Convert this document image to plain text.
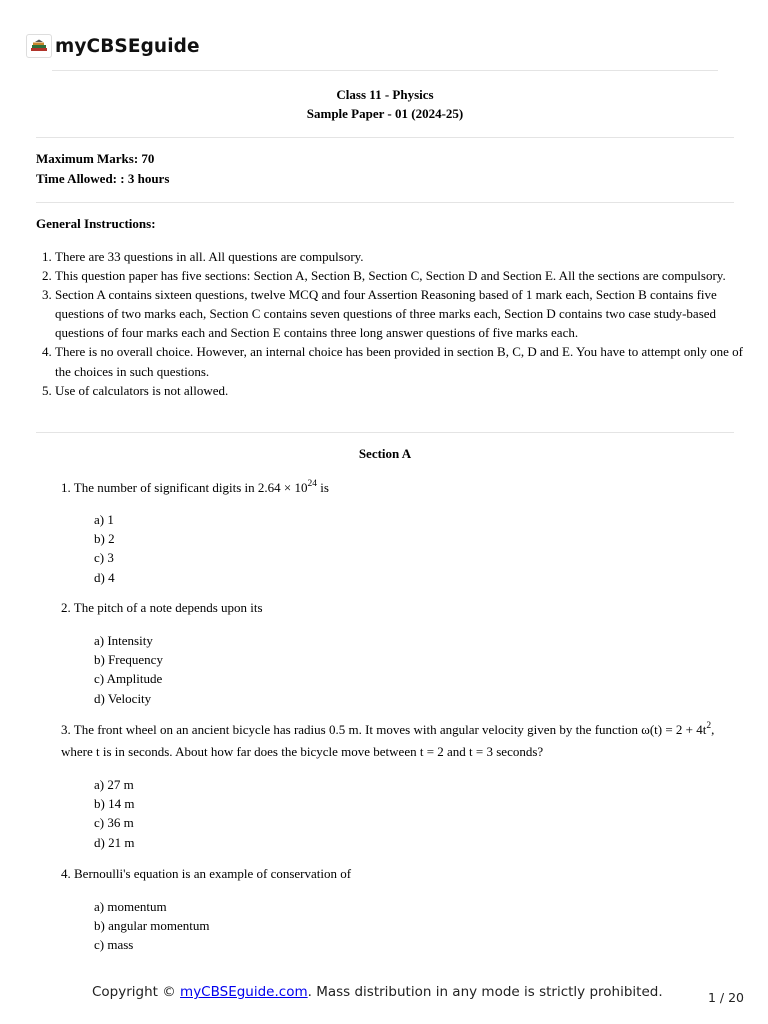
myCBSEguide
Class 11 - Physics
Sample Paper - 01 (2024-25)
Maximum Marks: 70
Time Allowed: : 3 hours
General Instructions:
1. There are 33 questions in all. All questions are compulsory.
2. This question paper has five sections: Section A, Section B, Section C, Section D and Section E. All the sections are compulsory.
3. Section A contains sixteen questions, twelve MCQ and four Assertion Reasoning based of 1 mark each, Section B contains five questions of two marks each, Section C contains seven questions of three marks each, Section D contains two case study-based questions of four marks each and Section E contains three long answer questions of five marks each.
4. There is no overall choice. However, an internal choice has been provided in section B, C, D and E. You have to attempt only one of the choices in such questions.
5. Use of calculators is not allowed.
Section A
1. The number of significant digits in $2.64 \times 10^{24}$ is
a) 1
b) 2
c) 3
d) 4
2. The pitch of a note depends upon its
a) Intensity
b) Frequency
c) Amplitude
d) Velocity
3. The front wheel on an ancient bicycle has radius 0.5 m. It moves with angular velocity given by the function $\omega(t) = 2 + 4t^2$, where t is in seconds. About how far does the bicycle move between t = 2 and t = 3 seconds?
a) 27 m
b) 14 m
c) 36 m
d) 21 m
4. Bernoulli's equation is an example of conservation of
a) momentum
b) angular momentum
c) mass
Copyright © myCBSEguide.com. Mass distribution in any mode is strictly prohibited.	1 / 20
